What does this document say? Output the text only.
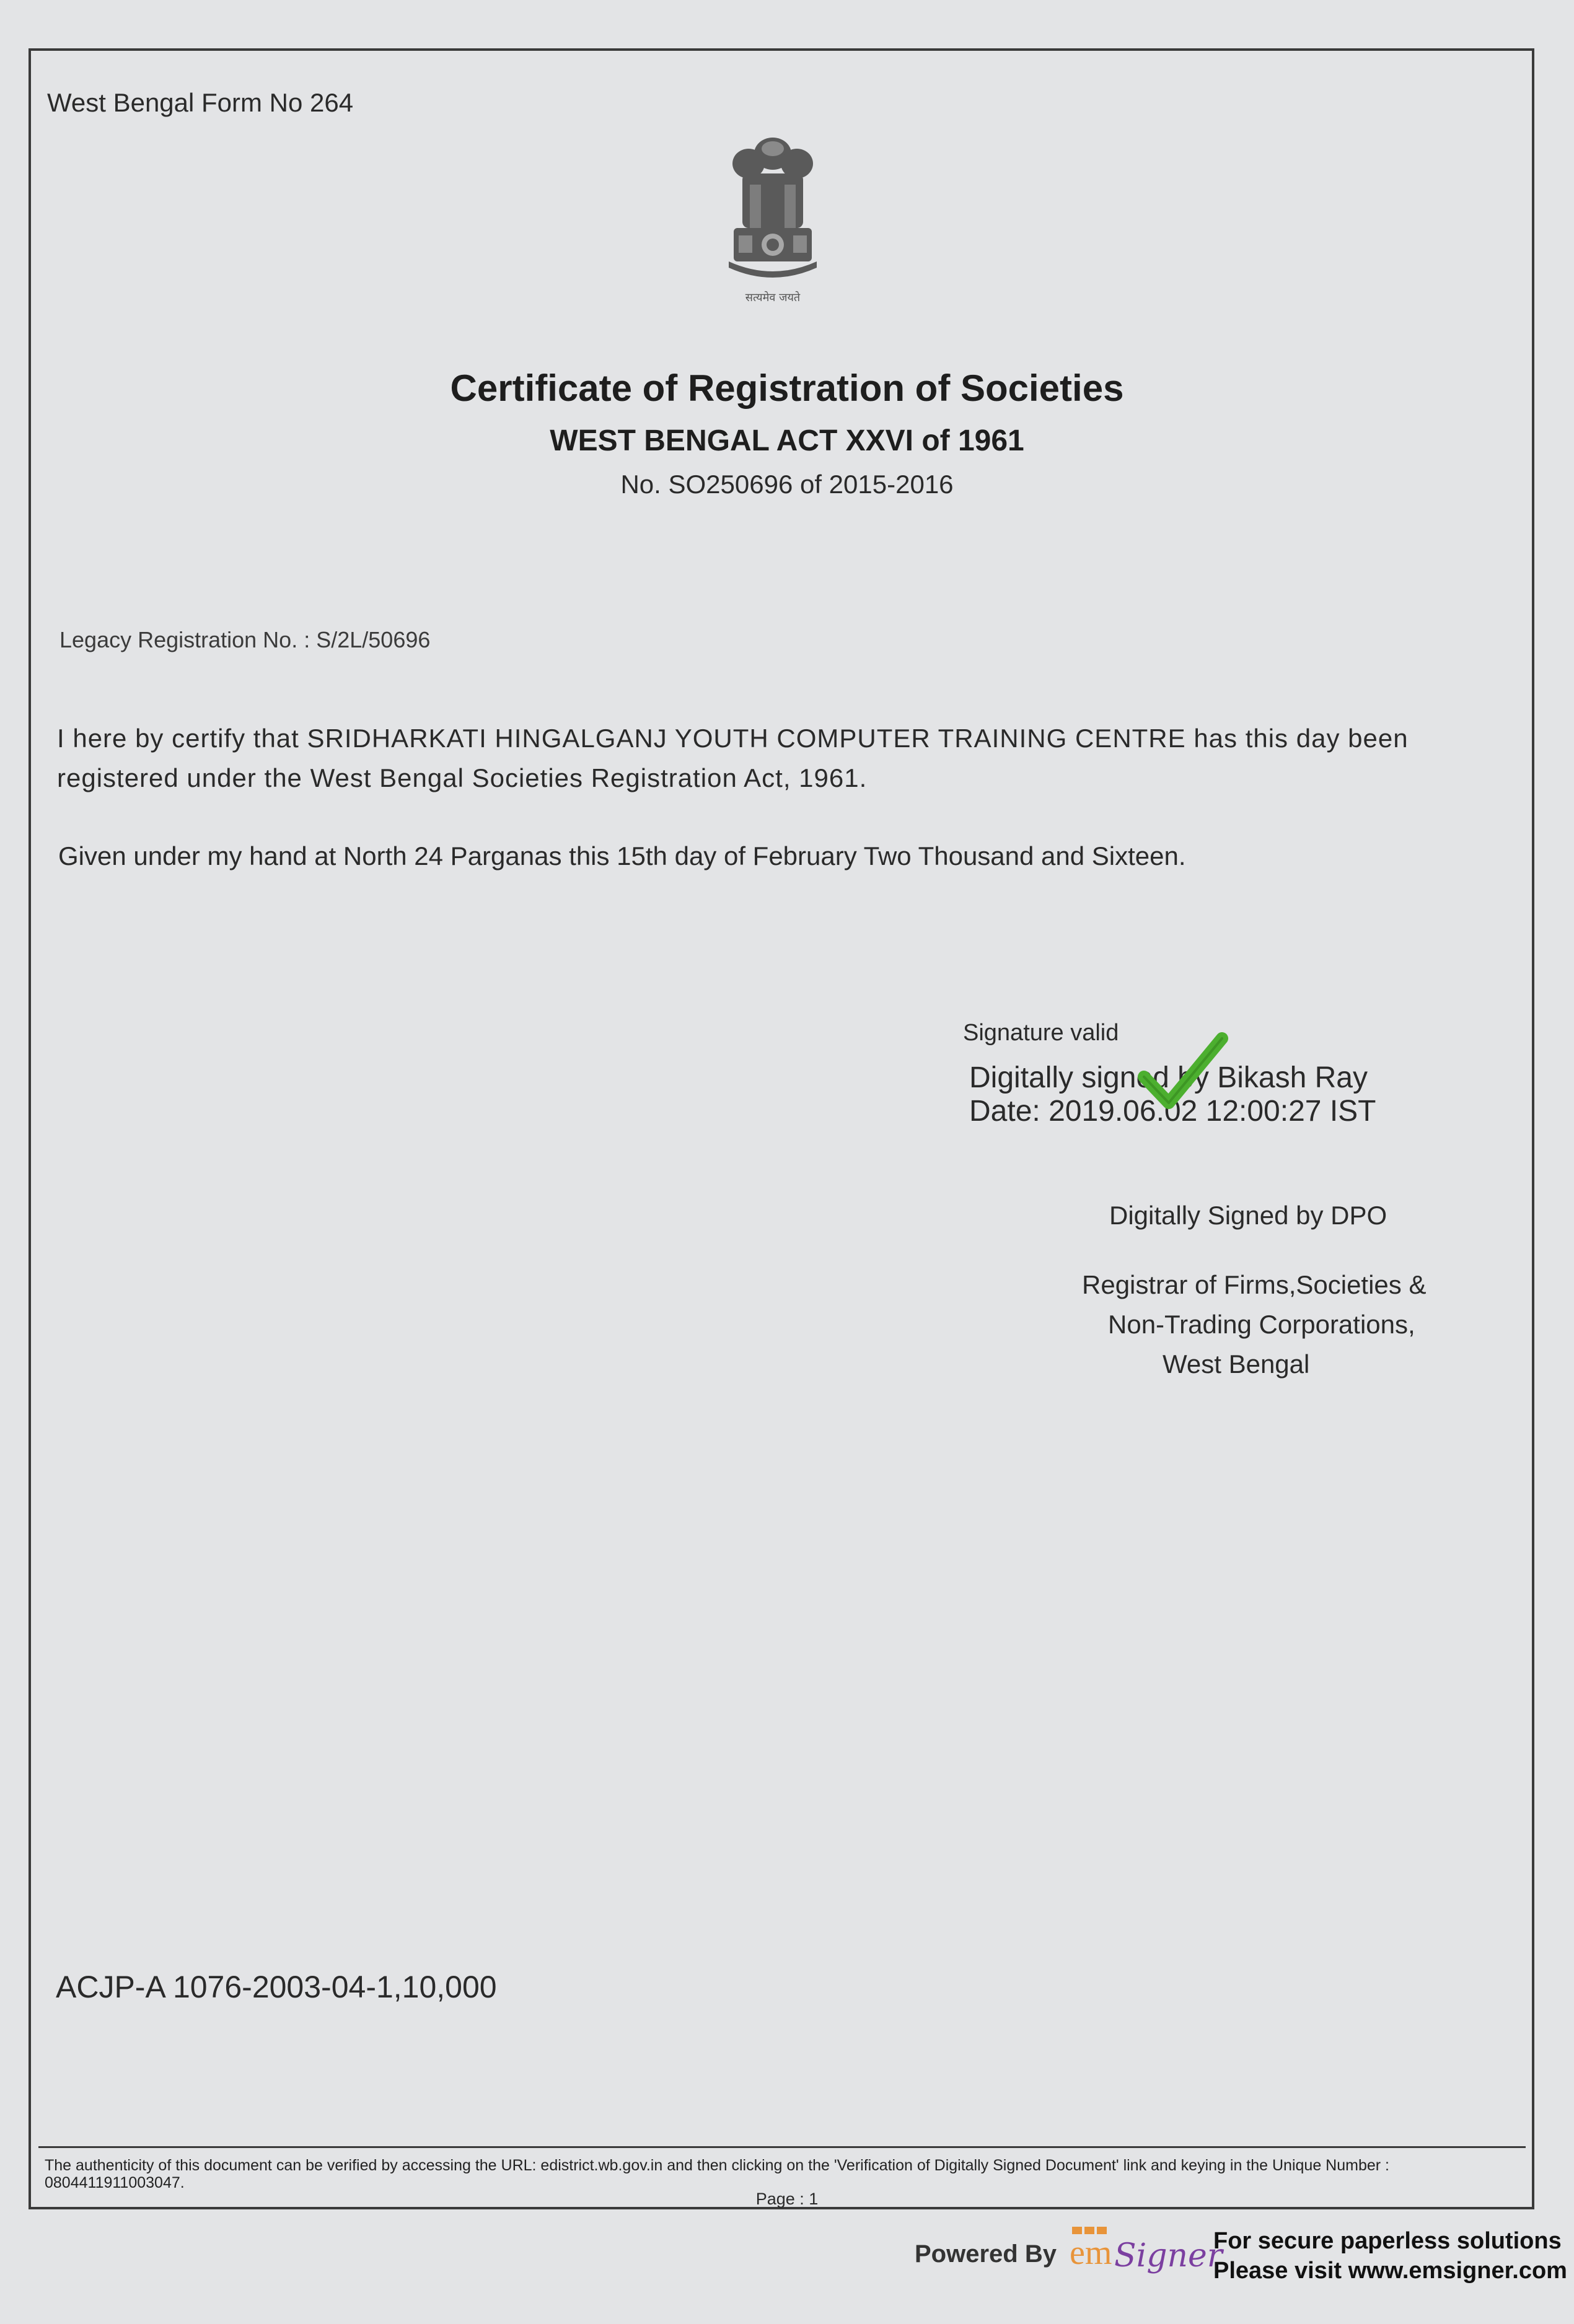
West Bengal Form No 264
सत्यमेव जयते
Certificate of Registration of Societies
WEST BENGAL ACT XXVI of 1961
No. SO250696 of 2015-2016
Legacy Registration No. : S/2L/50696
I here by certify that SRIDHARKATI HINGALGANJ YOUTH COMPUTER TRAINING CENTRE has this day been registered under the West Bengal Societies Registration Act, 1961.
Given under my hand at North 24 Parganas this 15th day of February Two Thousand and Sixteen.
Signature valid
Digitally signed by Bikash Ray
Date: 2019.06.02 12:00:27 IST
Digitally Signed by DPO
Registrar of Firms,Societies &
Non-Trading Corporations,
West Bengal
ACJP-A 1076-2003-04-1,10,000
The authenticity of this document can be verified by accessing the URL: edistrict.wb.gov.in and then clicking on the 'Verification of Digitally Signed Document' link and keying in the Unique Number : 0804411911003047.
Page : 1
Powered By em Signer
For secure paperless solutions
Please visit www.emsigner.com
